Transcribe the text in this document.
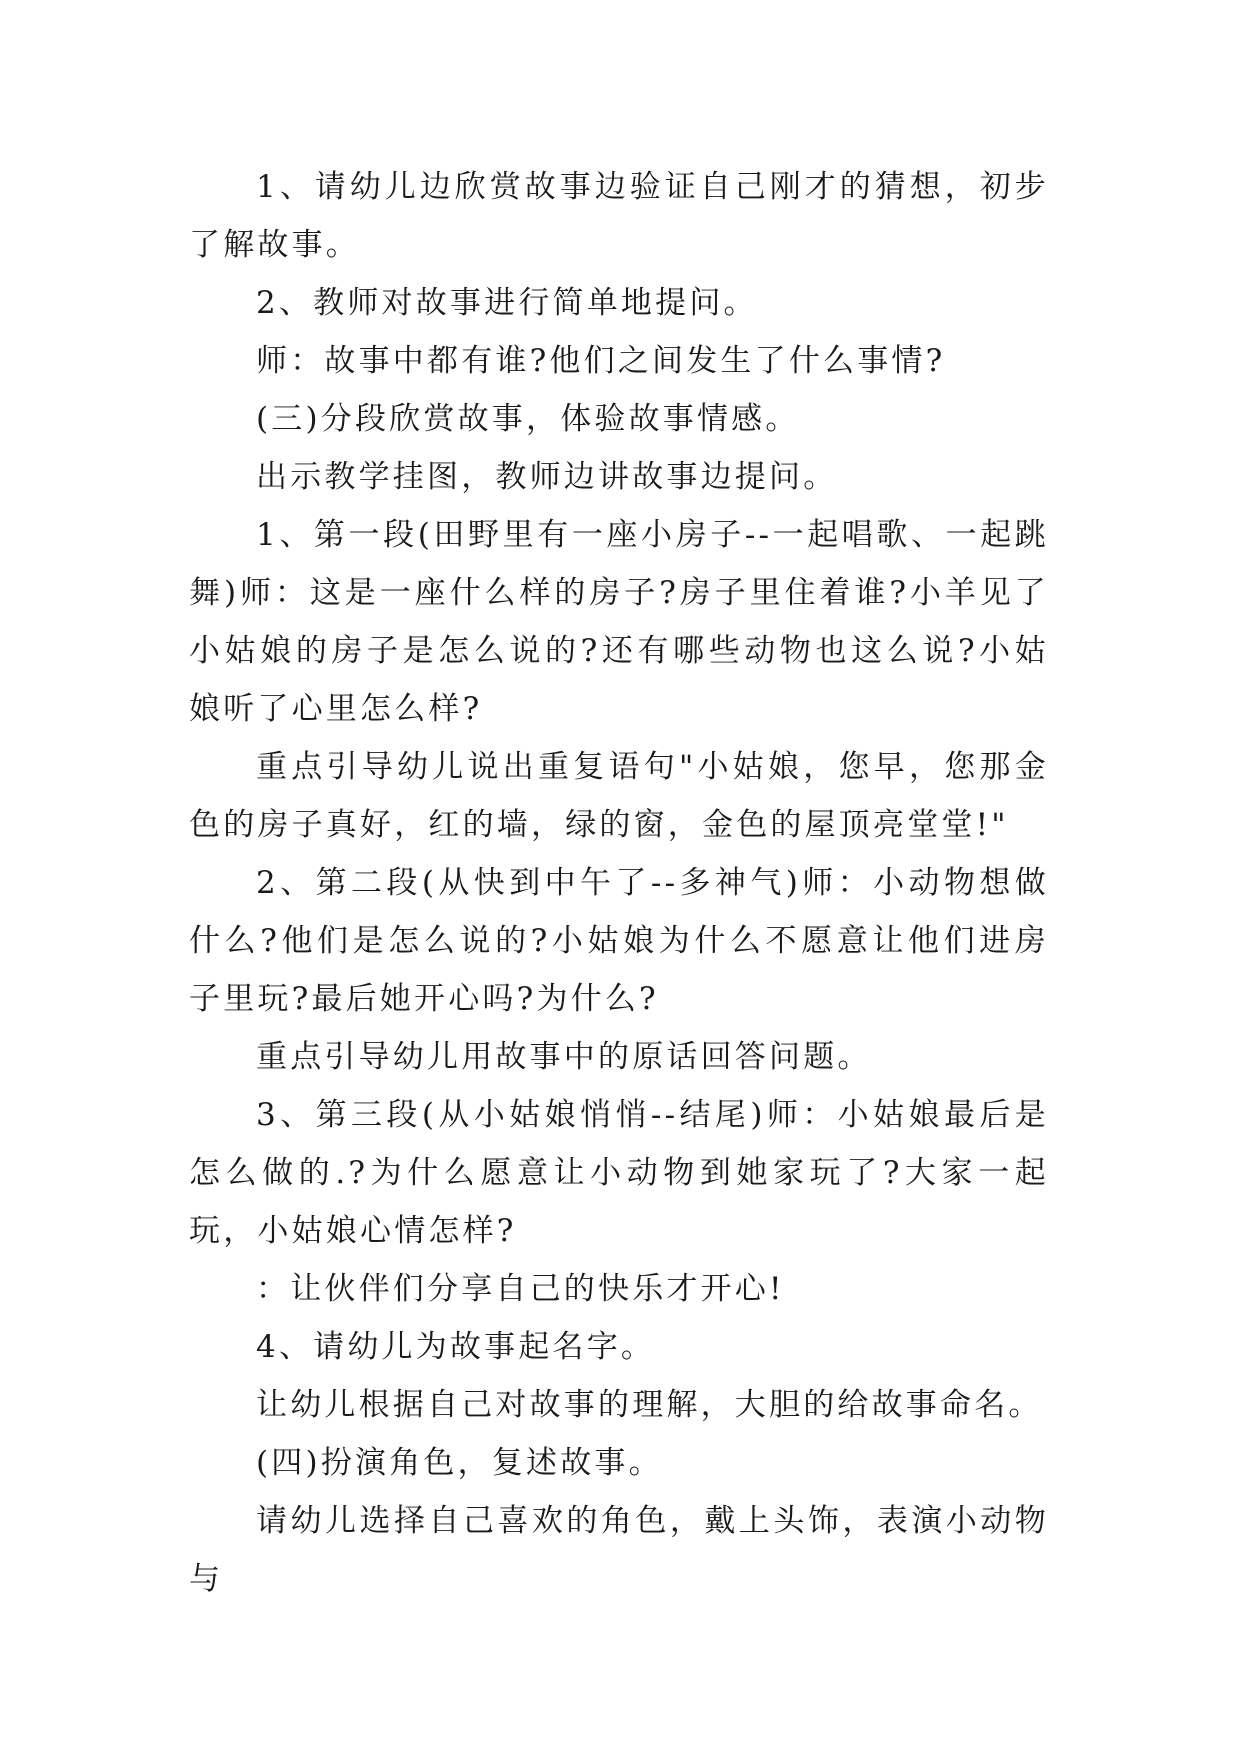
1、请幼儿边欣赏故事边验证自己刚才的猜想，初步了解故事。

2、教师对故事进行简单地提问。

师：故事中都有谁?他们之间发生了什么事情?

(三)分段欣赏故事，体验故事情感。

出示教学挂图，教师边讲故事边提问。

1、第一段(田野里有一座小房子--一起唱歌、一起跳舞)师：这是一座什么样的房子?房子里住着谁?小羊见了小姑娘的房子是怎么说的?还有哪些动物也这么说?小姑娘听了心里怎么样?

重点引导幼儿说出重复语句"小姑娘，您早，您那金色的房子真好，红的墙，绿的窗，金色的屋顶亮堂堂!"

2、第二段(从快到中午了--多神气)师：小动物想做什么?他们是怎么说的?小姑娘为什么不愿意让他们进房子里玩?最后她开心吗?为什么?

重点引导幼儿用故事中的原话回答问题。

3、第三段(从小姑娘悄悄--结尾)师：小姑娘最后是怎么做的.?为什么愿意让小动物到她家玩了?大家一起玩，小姑娘心情怎样?

：让伙伴们分享自己的快乐才开心!

4、请幼儿为故事起名字。

让幼儿根据自己对故事的理解，大胆的给故事命名。

(四)扮演角色，复述故事。

请幼儿选择自己喜欢的角色，戴上头饰，表演小动物与
